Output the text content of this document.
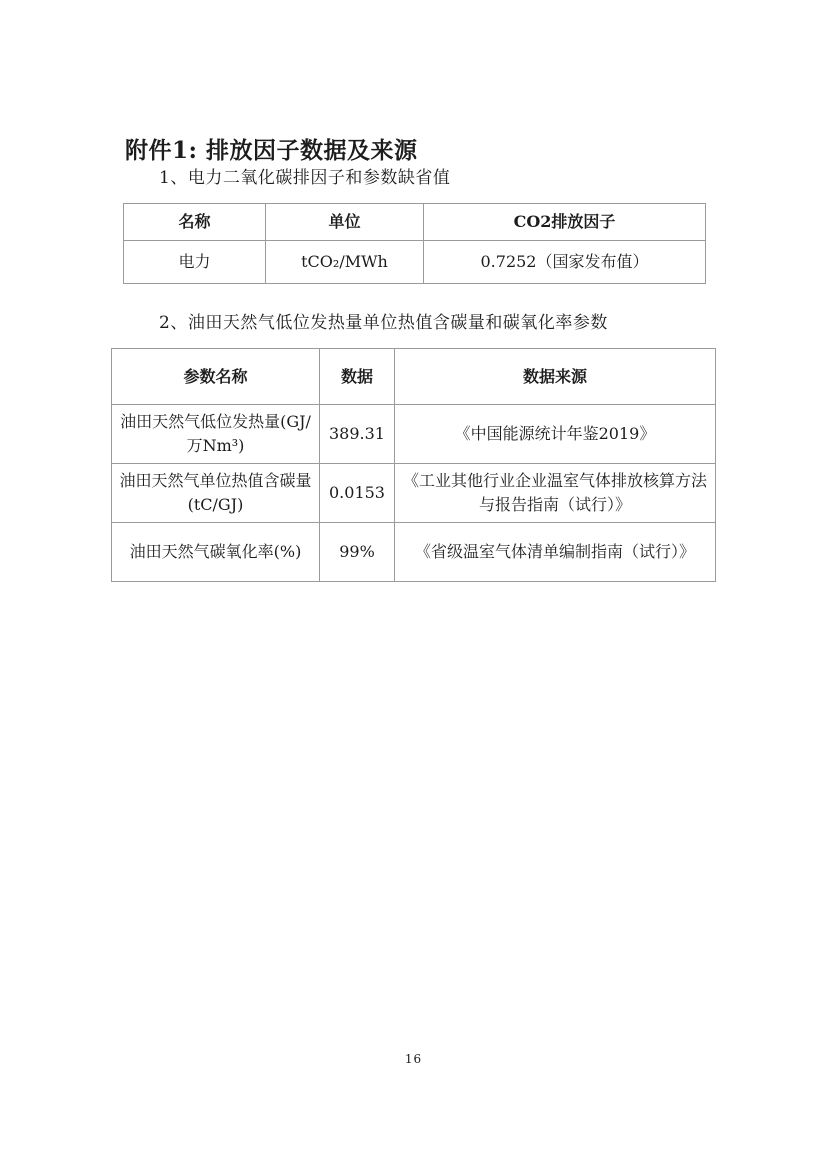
附件1: 排放因子数据及来源
1、电力二氧化碳排因子和参数缺省值
名称	单位	CO2排放因子
电力	tCO₂/MWh	0.7252（国家发布值）
2、油田天然气低位发热量单位热值含碳量和碳氧化率参数
参数名称	数据	数据来源
油田天然气低位发热量(GJ/万Nm³)	389.31	《中国能源统计年鉴2019》
油田天然气单位热值含碳量 (tC/GJ)	0.0153	《工业其他行业企业温室气体排放核算方法与报告指南（试行）》
油田天然气碳氧化率(%)	99%	《省级温室气体清单编制指南（试行）》
16
